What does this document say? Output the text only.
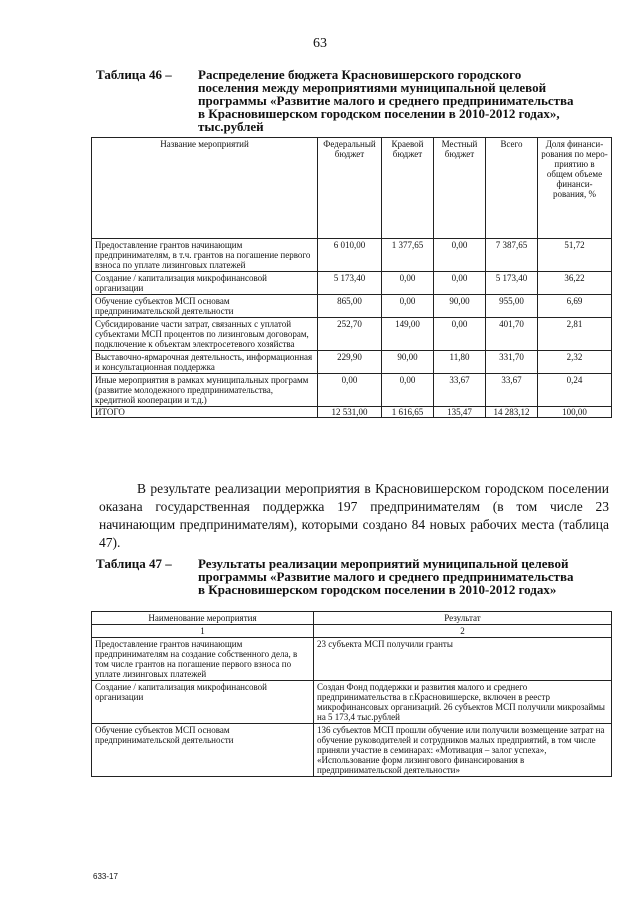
63
Таблица 46 – Распределение бюджета Красновишерского городского поселения между мероприятиями муниципальной целевой программы «Развитие малого и среднего предпринимательства в Красновишерском городском поселении в 2010-2012 годах», тыс.рублей
Название мероприятий	Федеральный бюджет	Краевой бюджет	Местный бюджет	Всего	Доля финанси-рования по меро-приятию в общем объеме финанси-рования, %
Предоставление грантов начинающим предпринимателям, в т.ч. грантов на погашение первого взноса по уплате лизинговых платежей	6 010,00	1 377,65	0,00	7 387,65	51,72
Создание / капитализация микрофинансовой организации	5 173,40	0,00	0,00	5 173,40	36,22
Обучение субъектов МСП основам предпринимательской деятельности	865,00	0,00	90,00	955,00	6,69
Субсидирование части затрат, связанных с уплатой субъектами МСП процентов по лизинговым договорам, подключение к объектам электросетевого хозяйства	252,70	149,00	0,00	401,70	2,81
Выставочно-ярмарочная деятельность, информационная и консультационная поддержка	229,90	90,00	11,80	331,70	2,32
Иные мероприятия в рамках муниципальных программ (развитие молодежного предпринимательства, кредитной кооперации и т.д.)	0,00	0,00	33,67	33,67	0,24
ИТОГО	12 531,00	1 616,65	135,47	14 283,12	100,00
В результате реализации мероприятия в Красновишерском городском поселении оказана государственная поддержка 197 предпринимателям (в том числе 23 начинающим предпринимателям), которыми создано 84 новых рабочих места (таблица 47).
Таблица 47 – Результаты реализации мероприятий муниципальной целевой программы «Развитие малого и среднего предпринимательства в Красновишерском городском поселении в 2010-2012 годах»
Наименование мероприятия	Результат
1	2
Предоставление грантов начинающим предпринимателям на создание собственного дела, в том числе грантов на погашение первого взноса по уплате лизинговых платежей	23 субъекта МСП получили гранты
Создание / капитализация микрофинансовой организации	Создан Фонд поддержки и развития малого и среднего предпринимательства в г.Красновишерске, включен в реестр микрофинансовых организаций. 26 субъектов МСП получили микрозаймы на 5 173,4 тыс.рублей
Обучение субъектов МСП основам предпринимательской деятельности	136 субъектов МСП прошли обучение или получили возмещение затрат на обучение руководителей и сотрудников малых предприятий, в том числе приняли участие в семинарах: «Мотивация – залог успеха», «Использование форм лизингового финансирования в предпринимательской деятельности»
633-17
